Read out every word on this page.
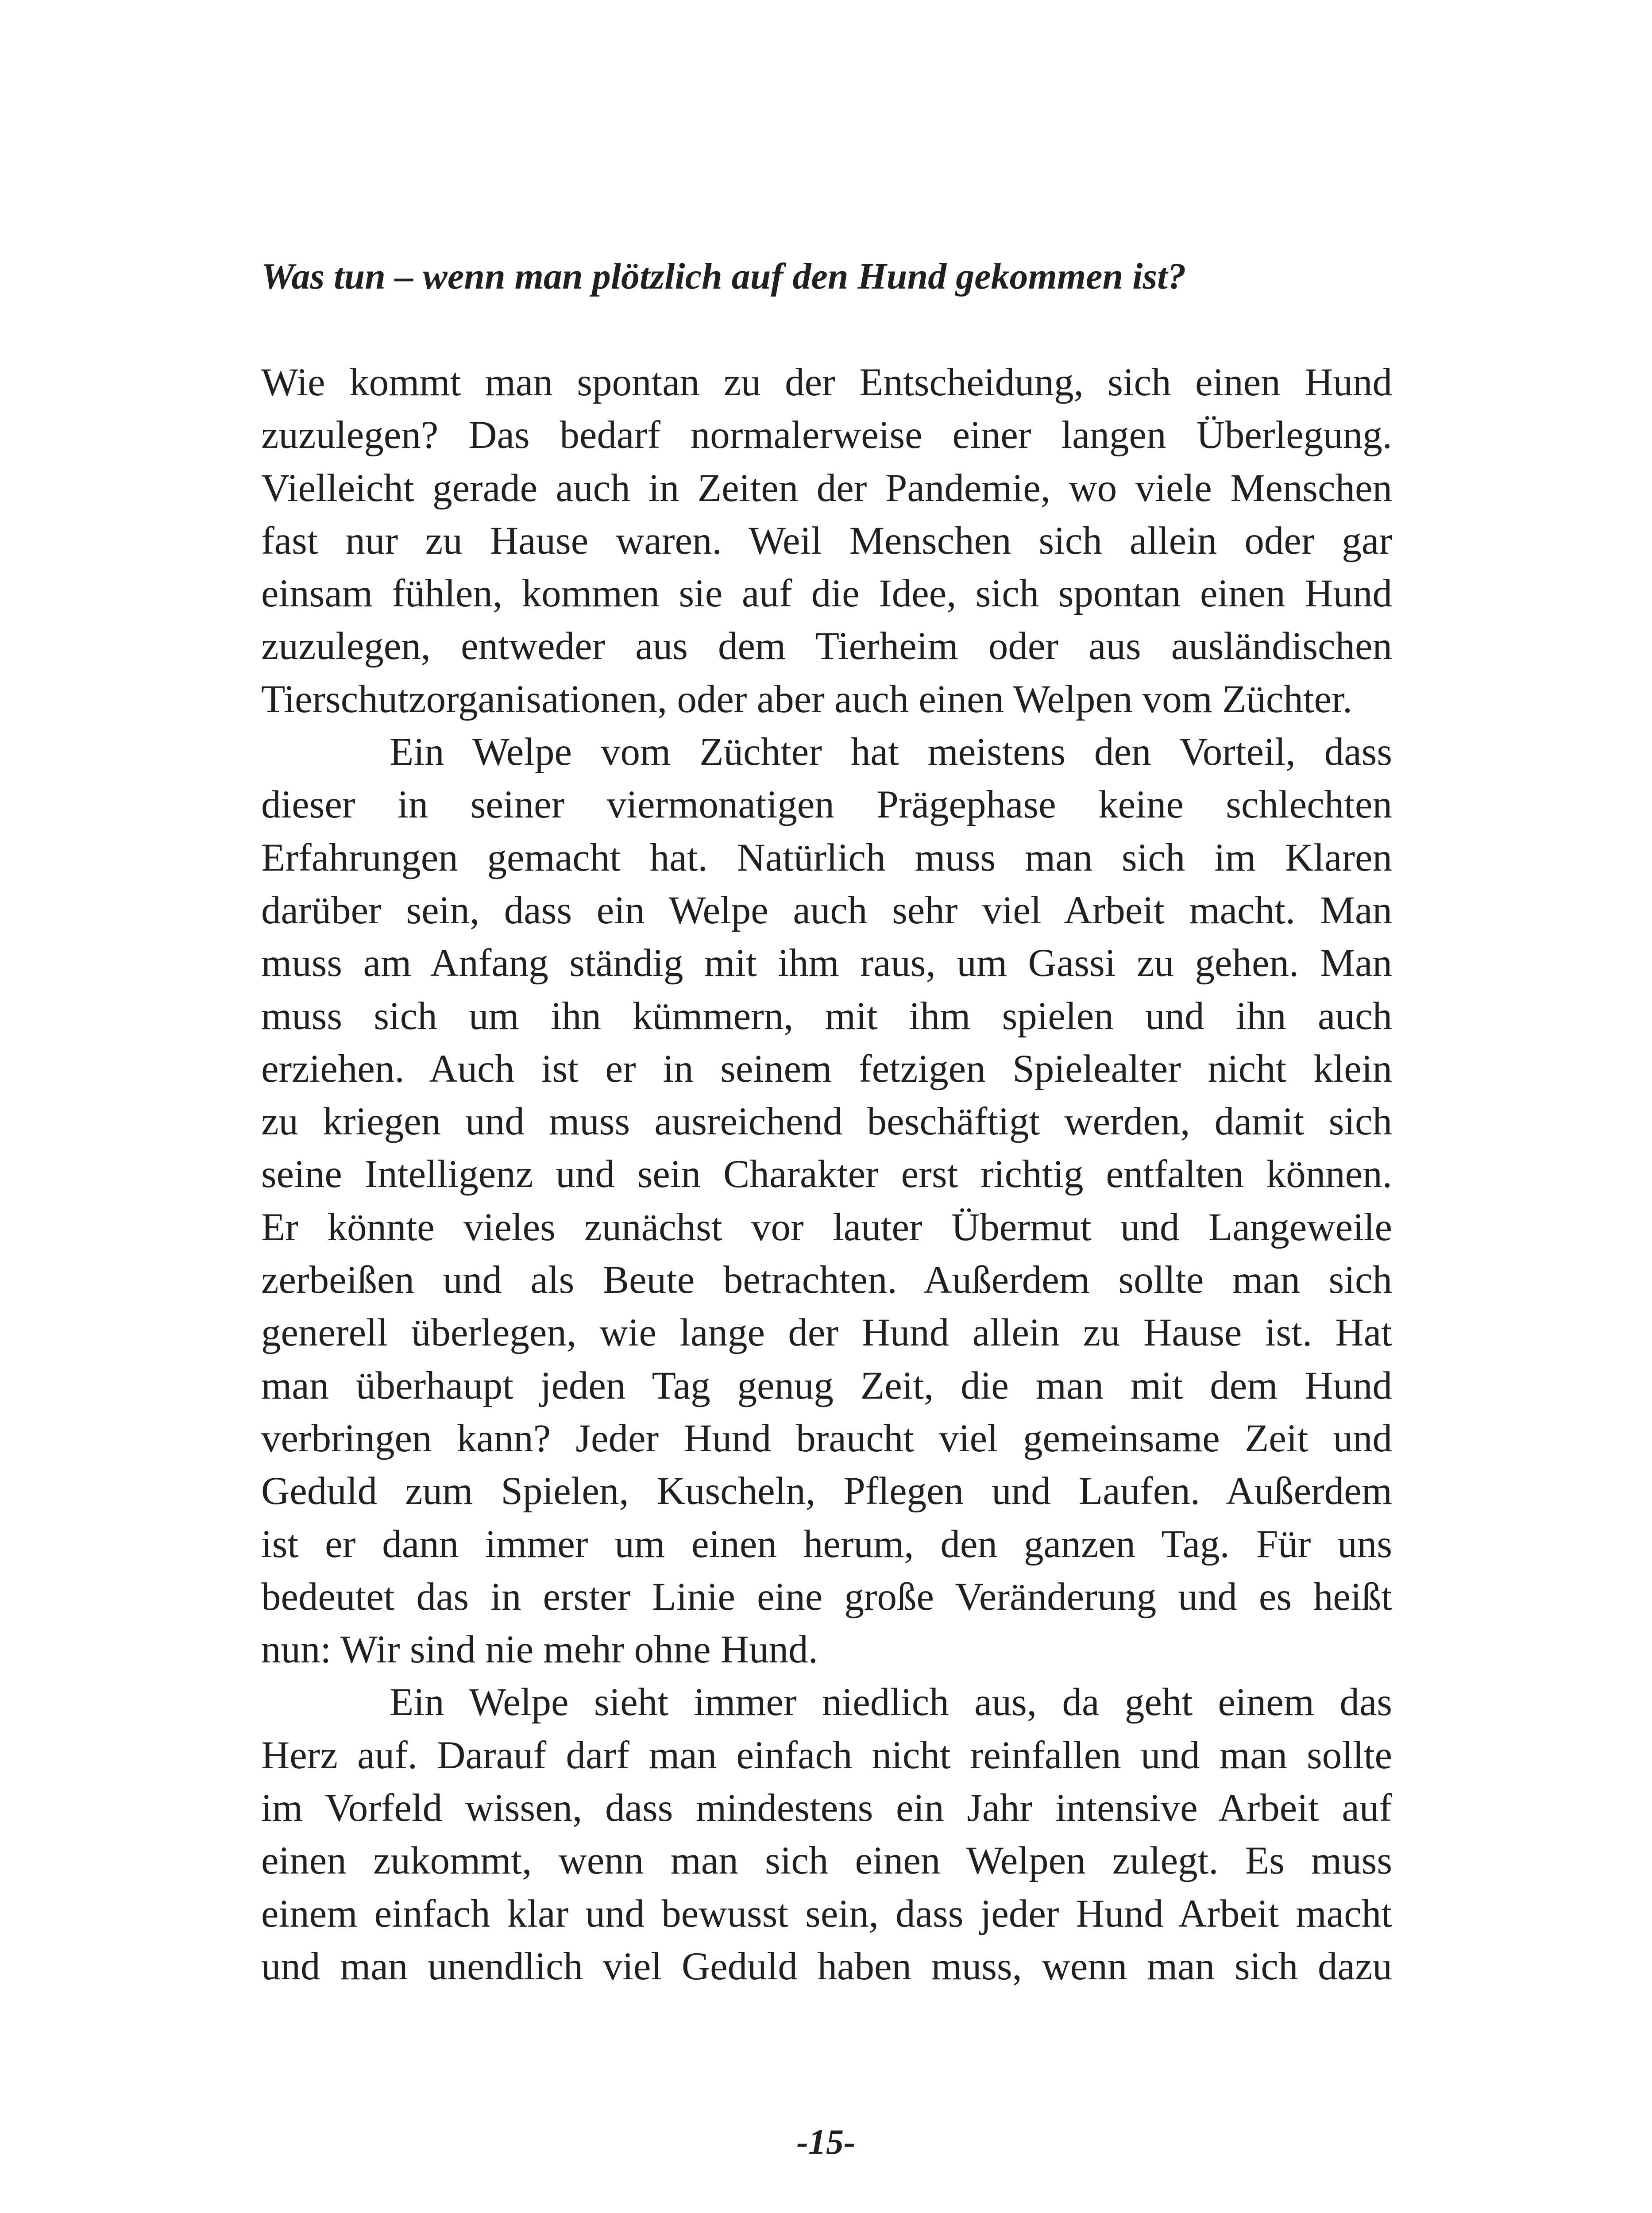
Was tun – wenn man plötzlich auf den Hund gekommen ist?
Wie kommt man spontan zu der Entscheidung, sich einen Hund
zuzulegen? Das bedarf normalerweise einer langen Überlegung.
Vielleicht gerade auch in Zeiten der Pandemie, wo viele Menschen
fast nur zu Hause waren. Weil Menschen sich allein oder gar
einsam fühlen, kommen sie auf die Idee, sich spontan einen Hund
zuzulegen, entweder aus dem Tierheim oder aus ausländischen
Tierschutzorganisationen, oder aber auch einen Welpen vom Züchter.
Ein Welpe vom Züchter hat meistens den Vorteil, dass
dieser in seiner viermonatigen Prägephase keine schlechten
Erfahrungen gemacht hat. Natürlich muss man sich im Klaren
darüber sein, dass ein Welpe auch sehr viel Arbeit macht. Man
muss am Anfang ständig mit ihm raus, um Gassi zu gehen. Man
muss sich um ihn kümmern, mit ihm spielen und ihn auch
erziehen. Auch ist er in seinem fetzigen Spielealter nicht klein
zu kriegen und muss ausreichend beschäftigt werden, damit sich
seine Intelligenz und sein Charakter erst richtig entfalten können.
Er könnte vieles zunächst vor lauter Übermut und Langeweile
zerbeißen und als Beute betrachten. Außerdem sollte man sich
generell überlegen, wie lange der Hund allein zu Hause ist. Hat
man überhaupt jeden Tag genug Zeit, die man mit dem Hund
verbringen kann? Jeder Hund braucht viel gemeinsame Zeit und
Geduld zum Spielen, Kuscheln, Pflegen und Laufen. Außerdem
ist er dann immer um einen herum, den ganzen Tag. Für uns
bedeutet das in erster Linie eine große Veränderung und es heißt
nun: Wir sind nie mehr ohne Hund.
Ein Welpe sieht immer niedlich aus, da geht einem das
Herz auf. Darauf darf man einfach nicht reinfallen und man sollte
im Vorfeld wissen, dass mindestens ein Jahr intensive Arbeit auf
einen zukommt, wenn man sich einen Welpen zulegt. Es muss
einem einfach klar und bewusst sein, dass jeder Hund Arbeit macht
und man unendlich viel Geduld haben muss, wenn man sich dazu
-15-
